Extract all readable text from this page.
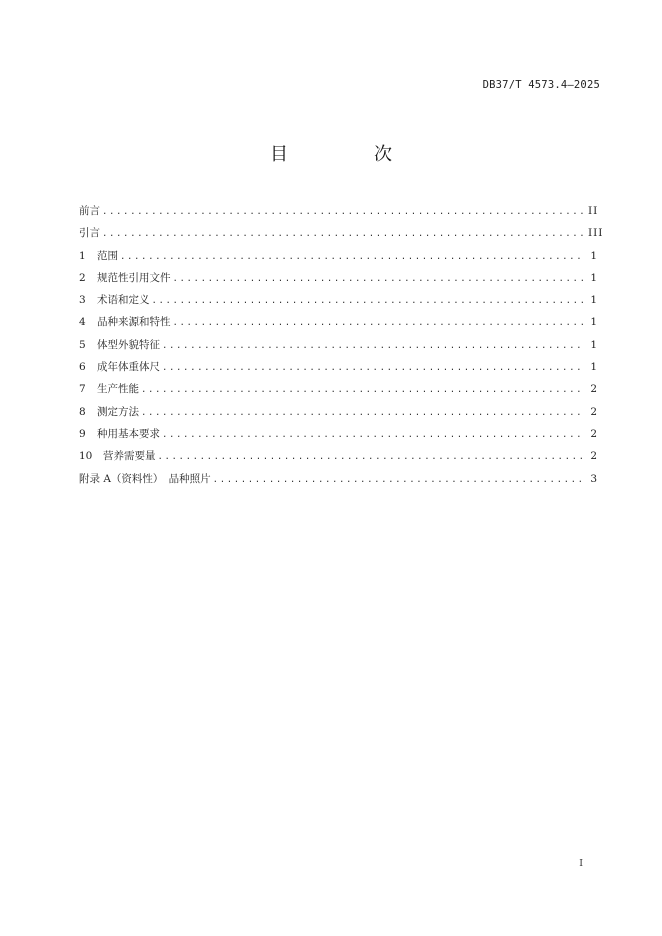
DB37/T 4573.4—2025
目　次
前言 .....	II
引言 .....	III
1	范围 .....	1
2	规范性引用文件 .....	1
3	术语和定义 .....	1
4	品种来源和特性 .....	1
5	体型外貌特征 .....	1
6	成年体重体尺 .....	1
7	生产性能 .....	2
8	测定方法 .....	2
9	种用基本要求 .....	2
10	营养需要量 .....	2
附录 A（资料性）　品种照片 .....	3
I
